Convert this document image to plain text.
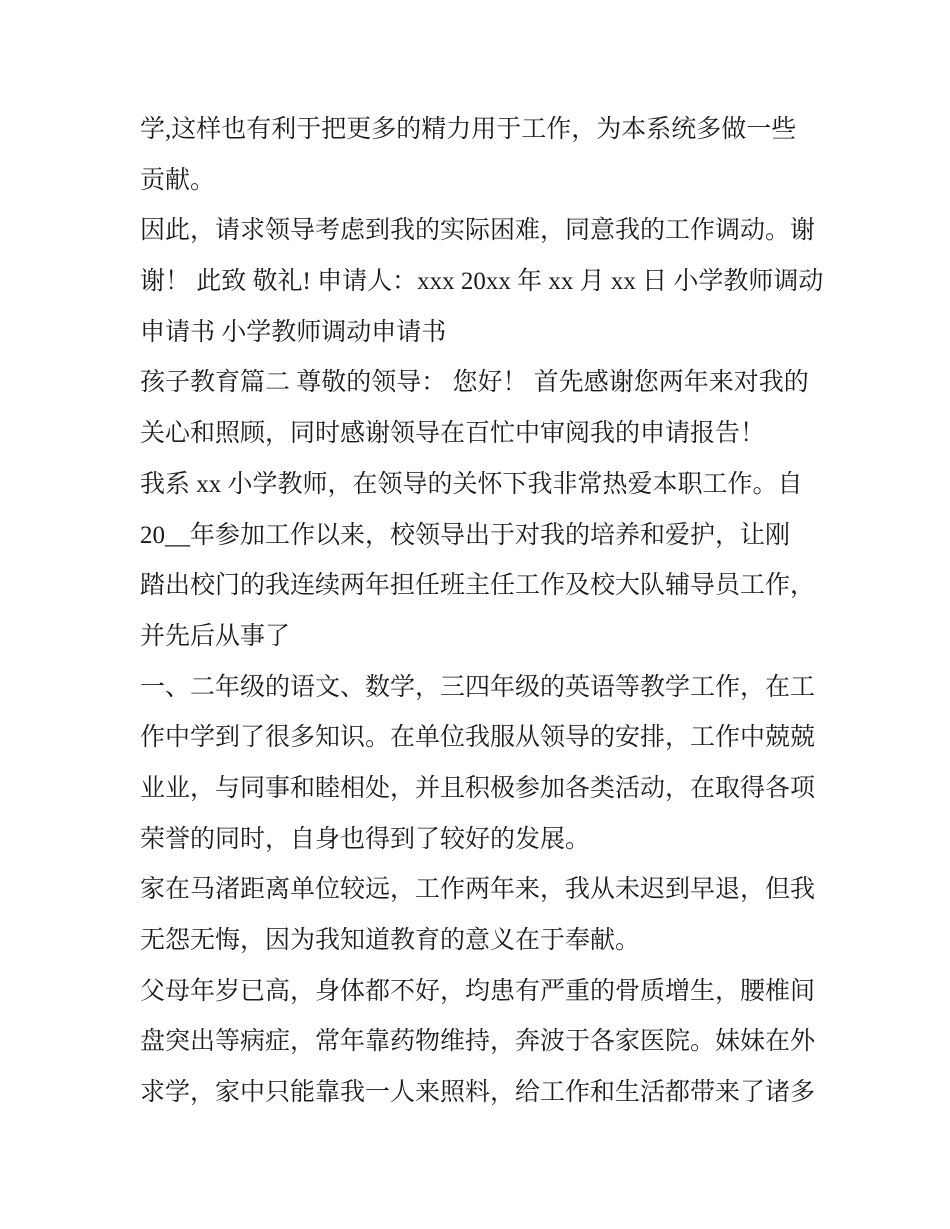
学,这样也有利于把更多的精力用于工作，为本系统多做一些
贡献。
因此，请求领导考虑到我的实际困难，同意我的工作调动。谢
谢！ 此致 敬礼! 申请人：xxx 20xx 年 xx 月 xx 日 小学教师调动
申请书 小学教师调动申请书
孩子教育篇二 尊敬的领导： 您好！ 首先感谢您两年来对我的
关心和照顾，同时感谢领导在百忙中审阅我的申请报告！
我系 xx 小学教师，在领导的关怀下我非常热爱本职工作。自
20__年参加工作以来，校领导出于对我的培养和爱护，让刚
踏出校门的我连续两年担任班主任工作及校大队辅导员工作，
并先后从事了
一、二年级的语文、数学，三四年级的英语等教学工作，在工
作中学到了很多知识。在单位我服从领导的安排，工作中兢兢
业业，与同事和睦相处，并且积极参加各类活动，在取得各项
荣誉的同时，自身也得到了较好的发展。
家在马渚距离单位较远，工作两年来，我从未迟到早退，但我
无怨无悔，因为我知道教育的意义在于奉献。
父母年岁已高，身体都不好，均患有严重的骨质增生，腰椎间
盘突出等病症，常年靠药物维持，奔波于各家医院。妹妹在外
求学，家中只能靠我一人来照料，给工作和生活都带来了诸多
